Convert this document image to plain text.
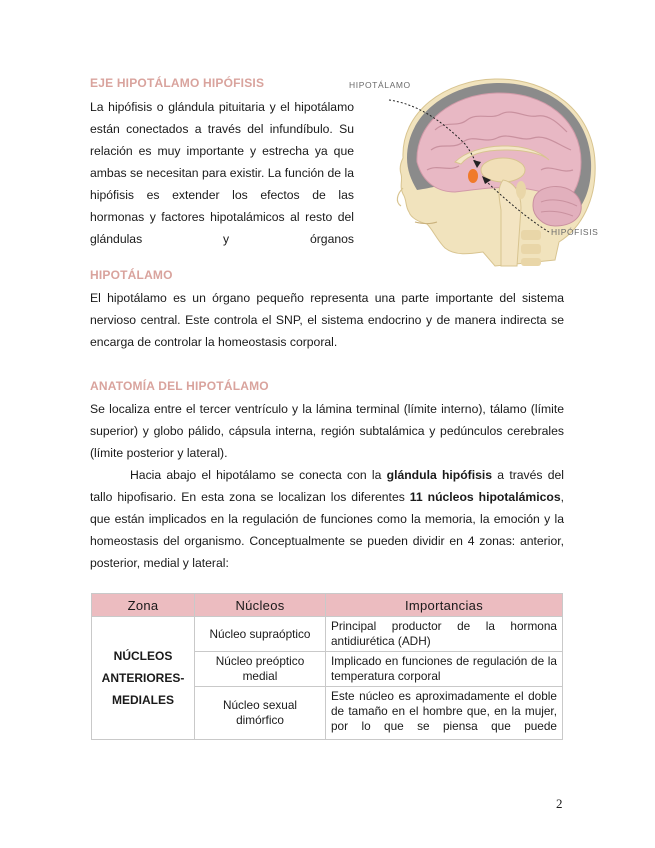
EJE HIPOTÁLAMO HIPÓFISIS
La hipófisis o glándula pituitaria y el hipotálamo están conectados a través del infundíbulo. Su relación es muy importante y estrecha ya que ambas se necesitan para existir. La función de la hipófisis es extender los efectos de las hormonas y factores hipotalámicos al resto del glándulas y órganos
HIPOTÁLAMO
HIPÓFISIS
HIPOTÁLAMO
El hipotálamo es un órgano pequeño representa una parte importante del sistema nervioso central. Este controla el SNP, el sistema endocrino y de manera indirecta se encarga de controlar la homeostasis corporal.
ANATOMÍA DEL HIPOTÁLAMO
Se localiza entre el tercer ventrículo y la lámina terminal (límite interno), tálamo (límite superior) y globo pálido, cápsula interna, región subtalámica y pedúnculos cerebrales (límite posterior y lateral).
Hacia abajo el hipotálamo se conecta con la glándula hipófisis a través del tallo hipofisario. En esta zona se localizan los diferentes 11 núcleos hipotalámicos, que están implicados en la regulación de funciones como la memoria, la emoción y la homeostasis del organismo. Conceptualmente se pueden dividir en 4 zonas: anterior, posterior, medial y lateral:
Zona	Núcleos	Importancias
NÚCLEOS ANTERIORES-MEDIALES	Núcleo supraóptico	Principal productor de la hormona antidiurética (ADH)
	Núcleo preóptico medial	Implicado en funciones de regulación de la temperatura corporal
	Núcleo sexual dimórfico	Este núcleo es aproximadamente el doble de tamaño en el hombre que, en la mujer, por lo que se piensa que puede
2
